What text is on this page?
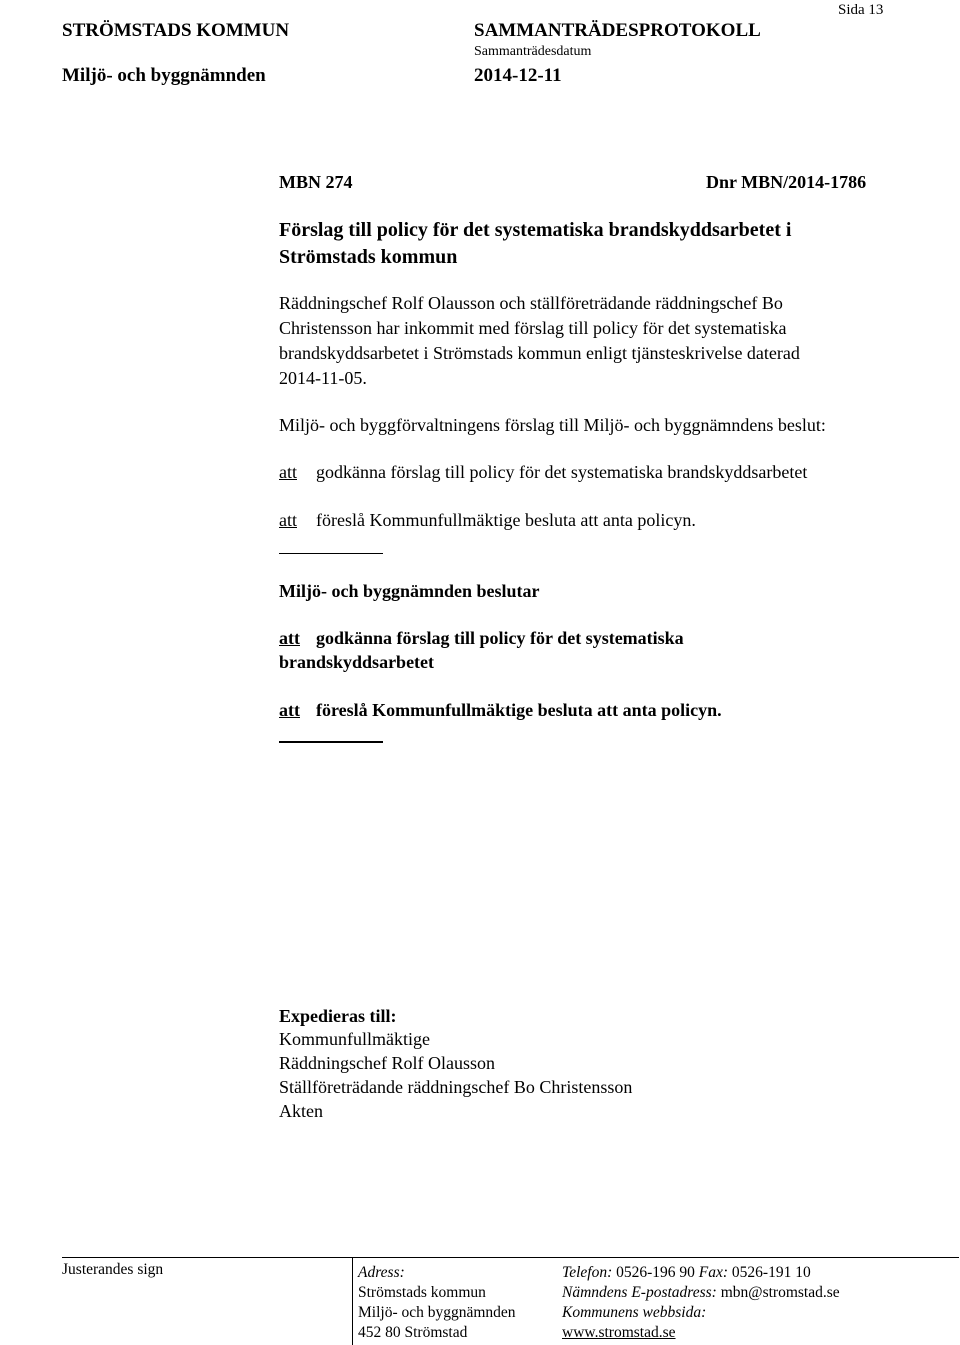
Sida 13
STRÖMSTADS KOMMUN
Miljö- och byggnämnden
SAMMANTRÄDESPROTOKOLL
Sammanträdesdatum
2014-12-11
MBN 274	Dnr MBN/2014-1786
Förslag till policy för det systematiska brandskyddsarbetet i
Strömstads kommun
Räddningschef Rolf Olausson och ställföreträdande räddningschef Bo
Christensson har inkommit med förslag till policy för det systematiska
brandskyddsarbetet i Strömstads kommun enligt tjänsteskrivelse daterad
2014-11-05.
Miljö- och byggförvaltningens förslag till Miljö- och byggnämndens beslut:
att godkänna förslag till policy för det systematiska brandskyddsarbetet
att föreslå Kommunfullmäktige besluta att anta policyn.
Miljö- och byggnämnden beslutar
att godkänna förslag till policy för det systematiska
brandskyddsarbetet
att föreslå Kommunfullmäktige besluta att anta policyn.
Expedieras till:
Kommunfullmäktige
Räddningschef Rolf Olausson
Ställföreträdande räddningschef Bo Christensson
Akten
Justerandes sign	Adress:
Strömstads kommun
Miljö- och byggnämnden
452 80 Strömstad
Telefon: 0526-196 90 Fax: 0526-191 10
Nämndens E-postadress: mbn@stromstad.se
Kommunens webbsida:
www.stromstad.se
